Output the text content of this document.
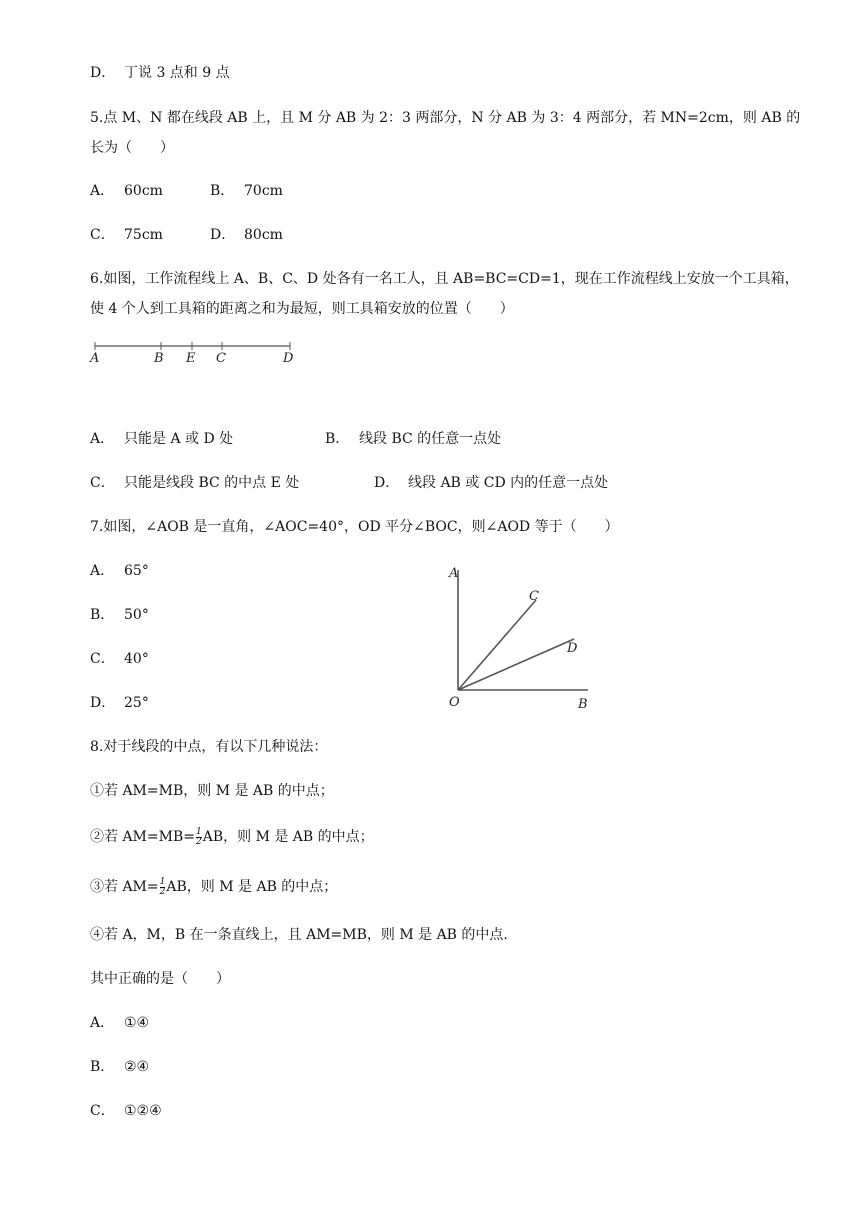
D． 丁说 3 点和 9 点
5.点 M、N 都在线段 AB 上，且 M 分 AB 为 2：3 两部分，N 分 AB 为 3：4 两部分，若 MN=2cm，则 AB 的长为（　　）
A． 60cm	B． 70cm
C． 75cm	D． 80cm
6.如图，工作流程线上 A、B、C、D 处各有一名工人，且 AB=BC=CD=1，现在工作流程线上安放一个工具箱，使 4 个人到工具箱的距离之和为最短，则工具箱安放的位置（　　）
A	B E C	D
A． 只能是 A 或 D 处	B． 线段 BC 的任意一点处
C． 只能是线段 BC 的中点 E 处	D． 线段 AB 或 CD 内的任意一点处
7.如图，∠AOB 是一直角，∠AOC=40°，OD 平分∠BOC，则∠AOD 等于（　　）
A． 65°
B． 50°
C． 40°
D． 25°
A
C
D
O	B
8.对于线段的中点，有以下几种说法：
①若 AM=MB，则 M 是 AB 的中点；
②若 $AM=MB= \frac{1}{2}$ AB，则 M 是 AB 的中点；
③若 $AM= \frac{1}{2}$ AB，则 M 是 AB 的中点；
④若 A，M，B 在一条直线上，且 AM=MB，则 M 是 AB 的中点.
其中正确的是（　　）
A． ①④
B． ②④
C． ①②④
